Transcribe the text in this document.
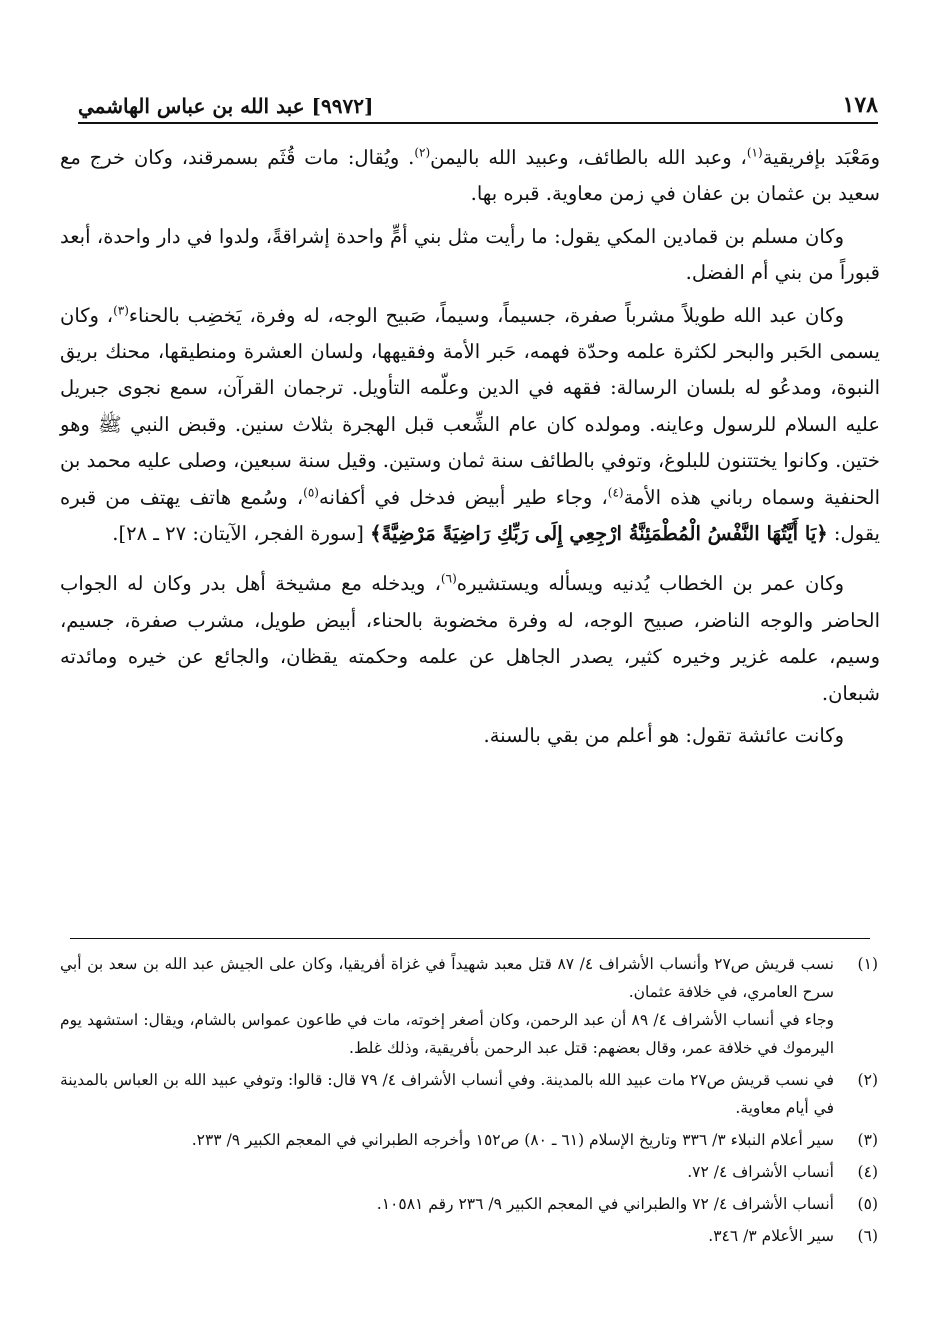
١٧٨
[٩٩٧٢] عبد الله بن عباس الهاشمي

ومَعْبَد بإفريقية$^{(١)}$، وعبد الله بالطائف، وعبيد الله باليمن$^{(٢)}$. ويُقال: مات قُثَم بسمرقند، وكان خرج مع سعيد بن عثمان بن عفان في زمن معاوية. قبره بها.

وكان مسلم بن قمادين المكي يقول: ما رأيت مثل بني أمٍّ واحدة إشراقةً، ولدوا في دار واحدة، أبعد قبوراً من بني أم الفضل.

وكان عبد الله طويلاً مشرباً صفرة، جسيماً، وسيماً، صَبيح الوجه، له وفرة، يَخضِب بالحناء$^{(٣)}$، وكان يسمى الحَبر والبحر لكثرة علمه وحدّة فهمه، حَبر الأمة وفقيهها، ولسان العشرة ومنطيقها، محنك بريق النبوة، ومدعُو له بلسان الرسالة: فقهه في الدين وعلّمه التأويل. ترجمان القرآن، سمع نجوى جبريل عليه السلام للرسول وعاينه. ومولده كان عام الشِّعب قبل الهجرة بثلاث سنين. وقبض النبي ﷺ وهو ختين. وكانوا يختتنون للبلوغ، وتوفي بالطائف سنة ثمان وستين. وقيل سنة سبعين، وصلى عليه محمد بن الحنفية وسماه رباني هذه الأمة$^{(٤)}$، وجاء طير أبيض فدخل في أكفانه$^{(٥)}$، وسُمع هاتف يهتف من قبره يقول: ﴿يَا أَيَّتُهَا النَّفْسُ الْمُطْمَئِنَّةُ ارْجِعِي إِلَى رَبِّكِ رَاضِيَةً مَرْضِيَّةً﴾ [سورة الفجر، الآيتان: ٢٧ ـ ٢٨].

وكان عمر بن الخطاب يُدنيه ويسأله ويستشيره$^{(٦)}$، ويدخله مع مشيخة أهل بدر وكان له الجواب الحاضر والوجه الناضر، صبيح الوجه، له وفرة مخضوبة بالحناء، أبيض طويل، مشرب صفرة، جسيم، وسيم، علمه غزير وخيره كثير، يصدر الجاهل عن علمه وحكمته يقظان، والجائع عن خيره ومائدته شبعان.

وكانت عائشة تقول: هو أعلم من بقي بالسنة.

(١)
نسب قريش ص٢٧ وأنساب الأشراف ٤/ ٨٧ قتل معبد شهيداً في غزاة أفريقيا، وكان على الجيش عبد الله بن سعد بن أبي سرح العامري، في خلافة عثمان.
وجاء في أنساب الأشراف ٤/ ٨٩ أن عبد الرحمن، وكان أصغر إخوته، مات في طاعون عمواس بالشام، ويقال: استشهد يوم اليرموك في خلافة عمر، وقال بعضهم: قتل عبد الرحمن بأفريقية، وذلك غلط.
(٢)
في نسب قريش ص٢٧ مات عبيد الله بالمدينة. وفي أنساب الأشراف ٤/ ٧٩ قال: قالوا: وتوفي عبيد الله بن العباس بالمدينة في أيام معاوية.
(٣)
سير أعلام النبلاء ٣/ ٣٣٦ وتاريخ الإسلام (٦١ ـ ٨٠) ص١٥٢ وأخرجه الطبراني في المعجم الكبير ٩/ ٢٣٣.
(٤)
أنساب الأشراف ٤/ ٧٢.
(٥)
أنساب الأشراف ٤/ ٧٢ والطبراني في المعجم الكبير ٩/ ٢٣٦ رقم ١٠٥٨١.
(٦)
سير الأعلام ٣/ ٣٤٦.
